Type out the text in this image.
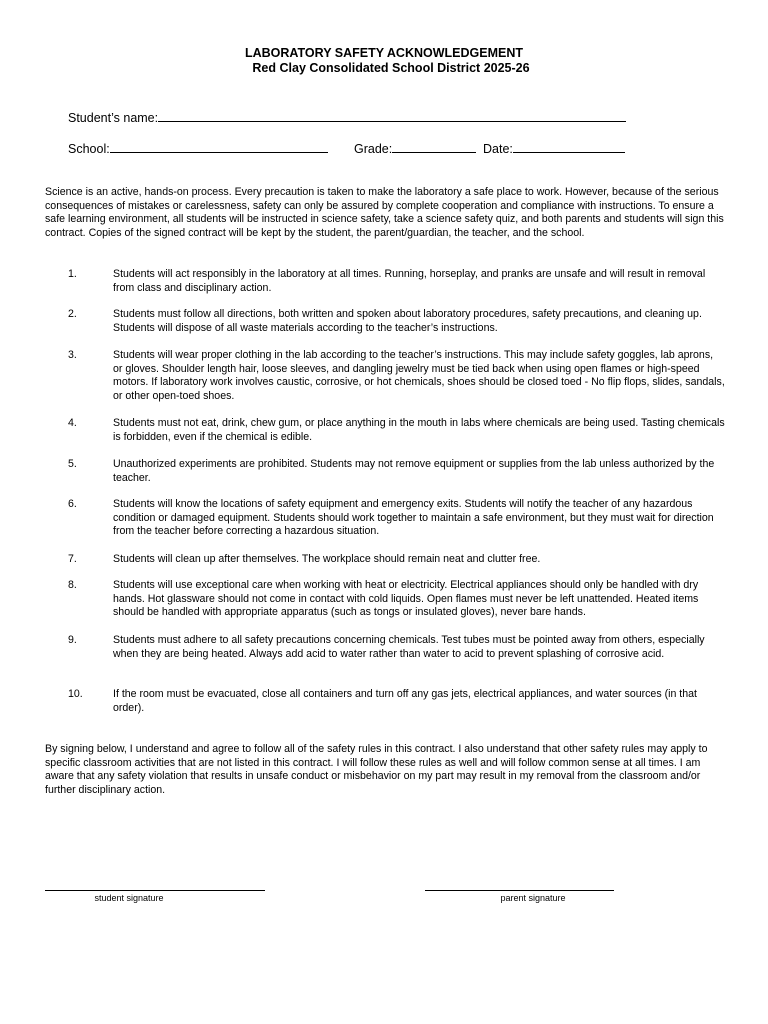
LABORATORY SAFETY ACKNOWLEDGEMENT
Red Clay Consolidated School District 2025-26
Student’s name:
School:	Grade:	Date:
Science is an active, hands-on process. Every precaution is taken to make the laboratory a safe place to work. However, because of the serious consequences of mistakes or carelessness, safety can only be assured by complete cooperation and compliance with instructions. To ensure a safe learning environment, all students will be instructed in science safety, take a science safety quiz, and both parents and students will sign this contract. Copies of the signed contract will be kept by the student, the parent/guardian, the teacher, and the school.
1.	Students will act responsibly in the laboratory at all times. Running, horseplay, and pranks are unsafe and will result in removal from class and disciplinary action.
2.	Students must follow all directions, both written and spoken about laboratory procedures, safety precautions, and cleaning up. Students will dispose of all waste materials according to the teacher’s instructions.
3.	Students will wear proper clothing in the lab according to the teacher’s instructions. This may include safety goggles, lab aprons, or gloves. Shoulder length hair, loose sleeves, and dangling jewelry must be tied back when using open flames or high-speed motors. If laboratory work involves caustic, corrosive, or hot chemicals, shoes should be closed toed - No flip flops, slides, sandals, or other open-toed shoes.
4.	Students must not eat, drink, chew gum, or place anything in the mouth in labs where chemicals are being used. Tasting chemicals is forbidden, even if the chemical is edible.
5.	Unauthorized experiments are prohibited. Students may not remove equipment or supplies from the lab unless authorized by the teacher.
6.	Students will know the locations of safety equipment and emergency exits. Students will notify the teacher of any hazardous condition or damaged equipment. Students should work together to maintain a safe environment, but they must wait for direction from the teacher before correcting a hazardous situation.
7.	Students will clean up after themselves. The workplace should remain neat and clutter free.
8.	Students will use exceptional care when working with heat or electricity. Electrical appliances should only be handled with dry hands. Hot glassware should not come in contact with cold liquids. Open flames must never be left unattended. Heated items should be handled with appropriate apparatus (such as tongs or insulated gloves), never bare hands.
9.	Students must adhere to all safety precautions concerning chemicals. Test tubes must be pointed away from others, especially when they are being heated. Always add acid to water rather than water to acid to prevent splashing of corrosive acid.
10.	If the room must be evacuated, close all containers and turn off any gas jets, electrical appliances, and water sources (in that order).
By signing below, I understand and agree to follow all of the safety rules in this contract. I also understand that other safety rules may apply to specific classroom activities that are not listed in this contract. I will follow these rules as well and will follow common sense at all times. I am aware that any safety violation that results in unsafe conduct or misbehavior on my part may result in my removal from the classroom and/or further disciplinary action.
student signature	parent signature
